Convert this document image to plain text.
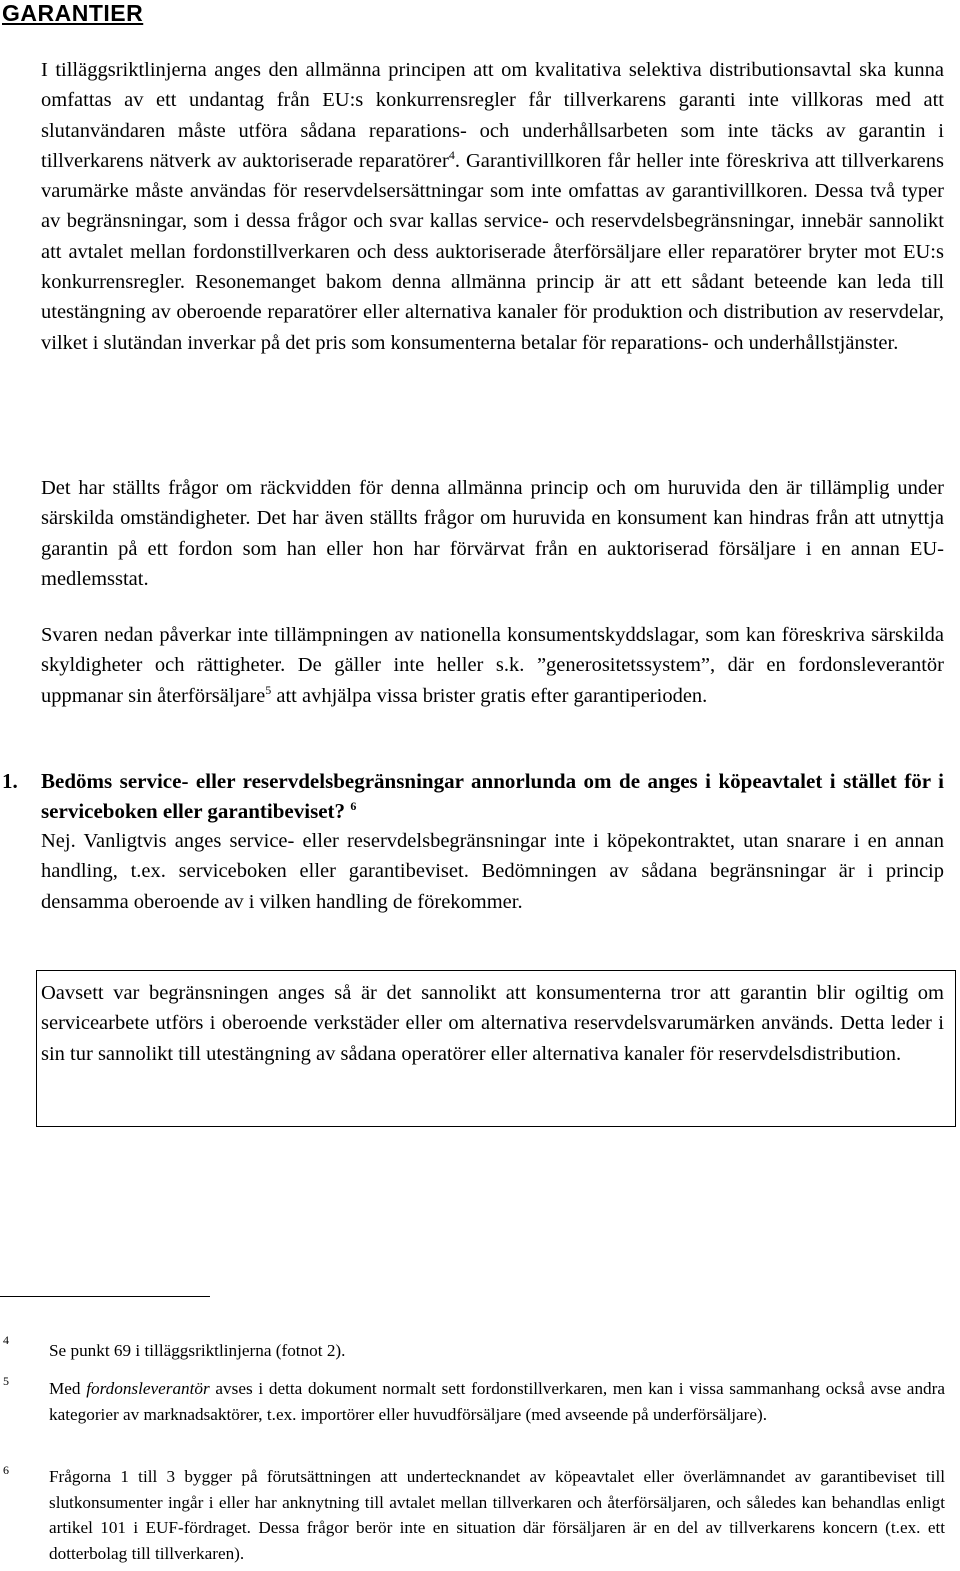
GARANTIER

I tilläggsriktlinjerna anges den allmänna principen att om kvalitativa selektiva distributionsavtal ska kunna omfattas av ett undantag från EU:s konkurrensregler får tillverkarens garanti inte villkoras med att slutanvändaren måste utföra sådana reparations- och underhållsarbeten som inte täcks av garantin i tillverkarens nätverk av auktoriserade reparatörer$^4$. Garantivillkoren får heller inte föreskriva att tillverkarens varumärke måste användas för reservdelsersättningar som inte omfattas av garantivillkoren. Dessa två typer av begränsningar, som i dessa frågor och svar kallas service- och reservdelsbegränsningar, innebär sannolikt att avtalet mellan fordonstillverkaren och dess auktoriserade återförsäljare eller reparatörer bryter mot EU:s konkurrensregler. Resonemanget bakom denna allmänna princip är att ett sådant beteende kan leda till utestängning av oberoende reparatörer eller alternativa kanaler för produktion och distribution av reservdelar, vilket i slutändan inverkar på det pris som konsumenterna betalar för reparations- och underhållstjänster.

Det har ställts frågor om räckvidden för denna allmänna princip och om huruvida den är tillämplig under särskilda omständigheter. Det har även ställts frågor om huruvida en konsument kan hindras från att utnyttja garantin på ett fordon som han eller hon har förvärvat från en auktoriserad försäljare i en annan EU-medlemsstat.

Svaren nedan påverkar inte tillämpningen av nationella konsumentskyddslagar, som kan föreskriva särskilda skyldigheter och rättigheter. De gäller inte heller s.k. ”generositetssystem”, där en fordonsleverantör uppmanar sin återförsäljare$^5$ att avhjälpa vissa brister gratis efter garantiperioden.

1. Bedöms service- eller reservdelsbegränsningar annorlunda om de anges i köpeavtalet i stället för i serviceboken eller garantibeviset? $^6$

Nej. Vanligtvis anges service- eller reservdelsbegränsningar inte i köpekontraktet, utan snarare i en annan handling, t.ex. serviceboken eller garantibeviset. Bedömningen av sådana begränsningar är i princip densamma oberoende av i vilken handling de förekommer.

Oavsett var begränsningen anges så är det sannolikt att konsumenterna tror att garantin blir ogiltig om servicearbete utförs i oberoende verkstäder eller om alternativa reservdelsvarumärken används. Detta leder i sin tur sannolikt till utestängning av sådana operatörer eller alternativa kanaler för reservdelsdistribution.

4

Se punkt 69 i tilläggsriktlinjerna (fotnot 2).

5 Med fordonsleverantör avses i detta dokument normalt sett fordonstillverkaren, men kan i vissa sammanhang också avse andra kategorier av marknadsaktörer, t.ex. importörer eller huvudförsäljare (med avseende på underförsäljare).

6 Frågorna 1 till 3 bygger på förutsättningen att undertecknandet av köpeavtalet eller överlämnandet av garantibeviset till slutkonsumenter ingår i eller har anknytning till avtalet mellan tillverkaren och återförsäljaren, och således kan behandlas enligt artikel 101 i EUF-fördraget. Dessa frågor berör inte en situation där försäljaren är en del av tillverkarens koncern (t.ex. ett dotterbolag till tillverkaren).
